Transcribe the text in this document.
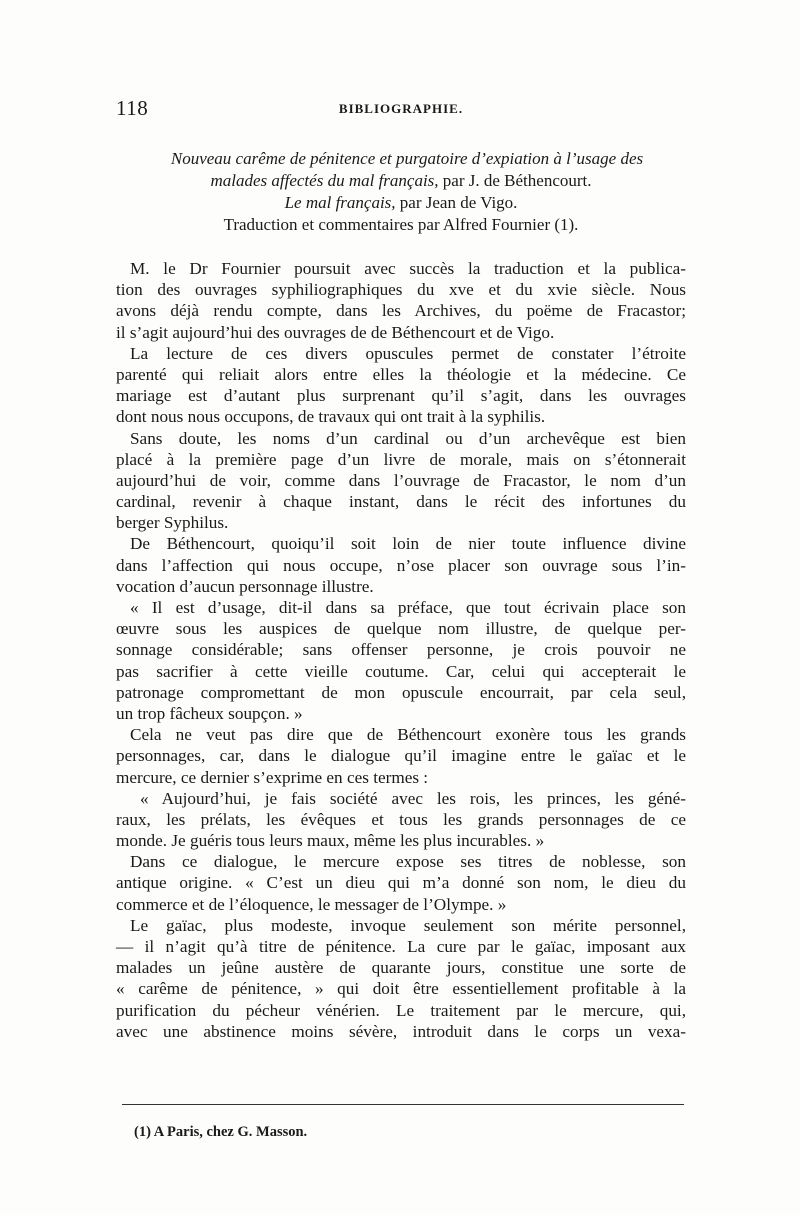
118	BIBLIOGRAPHIE.
Nouveau carême de pénitence et purgatoire d’expiation à l’usage des
malades affectés du mal français, par J. de Béthencourt.
Le mal français, par Jean de Vigo.
Traduction et commentaires par Alfred Fournier (1).
M. le Dr Fournier poursuit avec succès la traduction et la publica-
tion des ouvrages syphiliographiques du xve et du xvie siècle. Nous
avons déjà rendu compte, dans les Archives, du poëme de Fracastor;
il s’agit aujourd’hui des ouvrages de de Béthencourt et de Vigo.
La lecture de ces divers opuscules permet de constater l’étroite
parenté qui reliait alors entre elles la théologie et la médecine. Ce
mariage est d’autant plus surprenant qu’il s’agit, dans les ouvrages
dont nous nous occupons, de travaux qui ont trait à la syphilis.
Sans doute, les noms d’un cardinal ou d’un archevêque est bien
placé à la première page d’un livre de morale, mais on s’étonnerait
aujourd’hui de voir, comme dans l’ouvrage de Fracastor, le nom d’un
cardinal, revenir à chaque instant, dans le récit des infortunes du
berger Syphilus.
De Béthencourt, quoiqu’il soit loin de nier toute influence divine
dans l’affection qui nous occupe, n’ose placer son ouvrage sous l’in-
vocation d’aucun personnage illustre.
« Il est d’usage, dit-il dans sa préface, que tout écrivain place son
œuvre sous les auspices de quelque nom illustre, de quelque per-
sonnage considérable; sans offenser personne, je crois pouvoir ne
pas sacrifier à cette vieille coutume. Car, celui qui accepterait le
patronage compromettant de mon opuscule encourrait, par cela seul,
un trop fâcheux soupçon. »
Cela ne veut pas dire que de Béthencourt exonère tous les grands
personnages, car, dans le dialogue qu’il imagine entre le gaïac et le
mercure, ce dernier s’exprime en ces termes :
« Aujourd’hui, je fais société avec les rois, les princes, les géné-
raux, les prélats, les évêques et tous les grands personnages de ce
monde. Je guéris tous leurs maux, même les plus incurables. »
Dans ce dialogue, le mercure expose ses titres de noblesse, son
antique origine. « C’est un dieu qui m’a donné son nom, le dieu du
commerce et de l’éloquence, le messager de l’Olympe. »
Le gaïac, plus modeste, invoque seulement son mérite personnel,
— il n’agit qu’à titre de pénitence. La cure par le gaïac, imposant aux
malades un jeûne austère de quarante jours, constitue une sorte de
« carême de pénitence, » qui doit être essentiellement profitable à la
purification du pécheur vénérien. Le traitement par le mercure, qui,
avec une abstinence moins sévère, introduit dans le corps un vexa-
(1) A Paris, chez G. Masson.
